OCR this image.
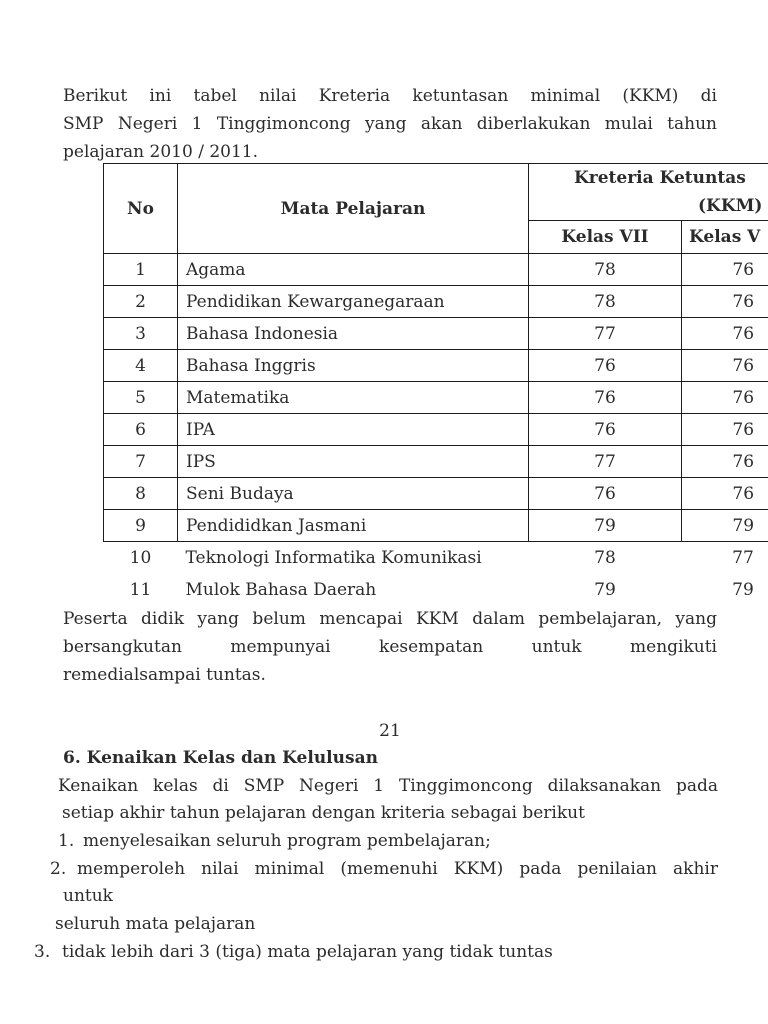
Berikut ini tabel nilai Kreteria ketuntasan minimal (KKM) di
SMP Negeri 1 Tinggimoncong yang akan diberlakukan mulai tahun
pelajaran 2010 / 2011.
No	Mata Pelajaran	Kreteria Ketuntas
(KKM)	

		Kelas VII	Kelas V
1	Agama	78	76
2	Pendidikan Kewarganegaraan	78	76
3	Bahasa Indonesia	77	76
4	Bahasa Inggris	76	76
5	Matematika	76	76
6	IPA	76	76
7	IPS	77	76
8	Seni Budaya	76	76
9	Pendididkan Jasmani	79	79
10	Teknologi Informatika Komunikasi	78	77
11	Mulok Bahasa Daerah	79	79
Peserta didik yang belum mencapai KKM dalam pembelajaran, yang
bersangkutan mempunyai kesempatan untuk mengikuti
remedialsampai tuntas.
21
6. Kenaikan Kelas dan Kelulusan
Kenaikan kelas di SMP Negeri 1 Tinggimoncong dilaksanakan pada
setiap akhir tahun pelajaran dengan kriteria sebagai berikut
1. menyelesaikan seluruh program pembelajaran;
2. memperoleh nilai minimal (memenuhi KKM) pada penilaian akhir
untuk
seluruh mata pelajaran
3. tidak lebih dari 3 (tiga) mata pelajaran yang tidak tuntas
